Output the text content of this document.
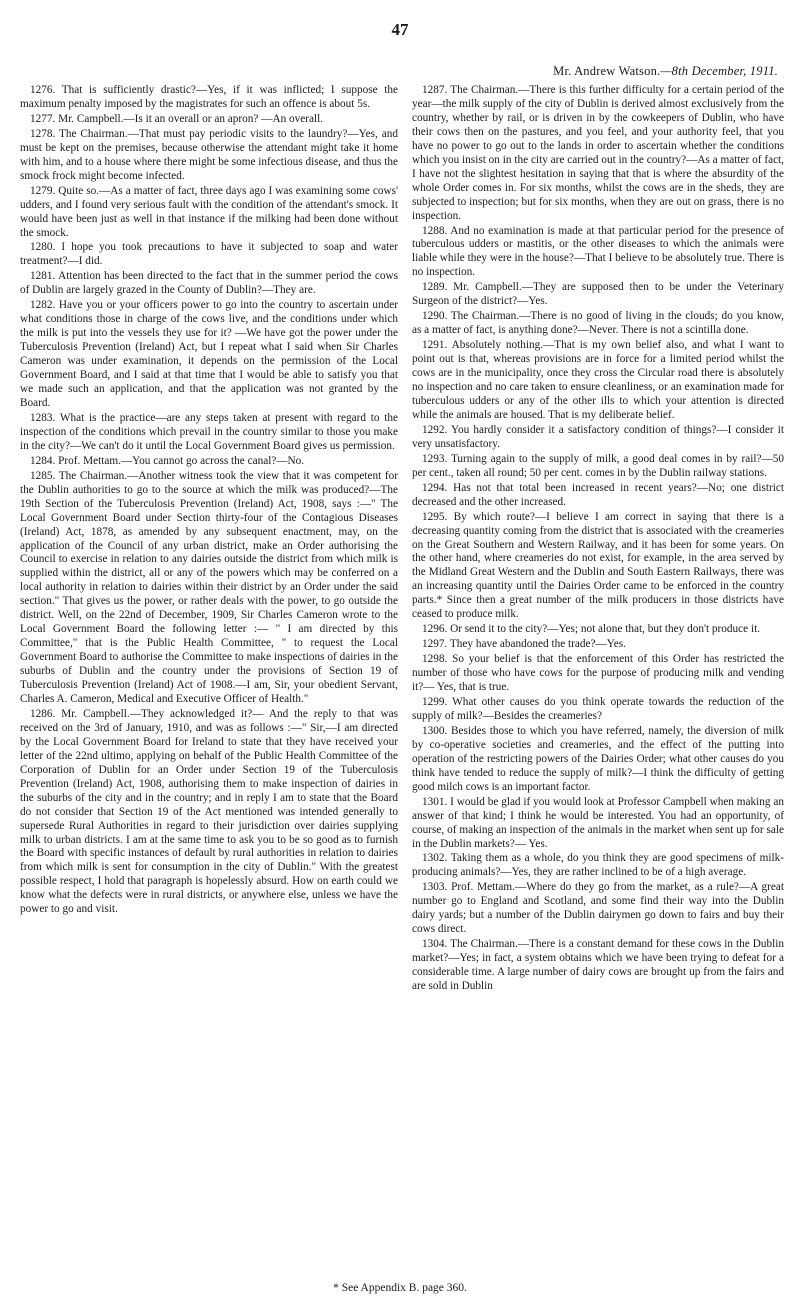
47
Mr. Andrew Watson.—8th December, 1911.

1276. That is sufficiently drastic?—Yes, if it was inflicted; I suppose the maximum penalty imposed by the magistrates for such an offence is about 5s.

1277. Mr. Campbell.—Is it an overall or an apron? —An overall.

1278. The Chairman.—That must pay periodic visits to the laundry?—Yes, and must be kept on the premises, because otherwise the attendant might take it home with him, and to a house where there might be some infectious disease, and thus the smock frock might become infected.

1279. Quite so.—As a matter of fact, three days ago I was examining some cows' udders, and I found very serious fault with the condition of the attendant's smock. It would have been just as well in that instance if the milking had been done without the smock.

1280. I hope you took precautions to have it subjected to soap and water treatment?—I did.

1281. Attention has been directed to the fact that in the summer period the cows of Dublin are largely grazed in the County of Dublin?—They are.

1282. Have you or your officers power to go into the country to ascertain under what conditions those in charge of the cows live, and the conditions under which the milk is put into the vessels they use for it? —We have got the power under the Tuberculosis Prevention (Ireland) Act, but I repeat what I said when Sir Charles Cameron was under examination, it depends on the permission of the Local Government Board, and I said at that time that I would be able to satisfy you that we made such an application, and that the application was not granted by the Board.

1283. What is the practice—are any steps taken at present with regard to the inspection of the conditions which prevail in the country similar to those you make in the city?—We can't do it until the Local Government Board gives us permission.

1284. Prof. Mettam.—You cannot go across the canal?—No.

1285. The Chairman.—Another witness took the view that it was competent for the Dublin authorities to go to the source at which the milk was produced?—The 19th Section of the Tuberculosis Prevention (Ireland) Act, 1908, says :—" The Local Government Board under Section thirty-four of the Contagious Diseases (Ireland) Act, 1878, as amended by any subsequent enactment, may, on the application of the Council of any urban district, make an Order authorising the Council to exercise in relation to any dairies outside the district from which milk is supplied within the district, all or any of the powers which may be conferred on a local authority in relation to dairies within their district by an Order under the said section." That gives us the power, or rather deals with the power, to go outside the district. Well, on the 22nd of December, 1909, Sir Charles Cameron wrote to the Local Government Board the following letter :— " I am directed by this Committee," that is the Public Health Committee, " to request the Local Government Board to authorise the Committee to make inspections of dairies in the suburbs of Dublin and the country under the provisions of Section 19 of Tuberculosis Prevention (Ireland) Act of 1908.—I am, Sir, your obedient Servant, Charles A. Cameron, Medical and Executive Officer of Health."

1286. Mr. Campbell.—They acknowledged it?— And the reply to that was received on the 3rd of January, 1910, and was as follows :—" Sir,—I am directed by the Local Government Board for Ireland to state that they have received your letter of the 22nd ultimo, applying on behalf of the Public Health Committee of the Corporation of Dublin for an Order under Section 19 of the Tuberculosis Prevention (Ireland) Act, 1908, authorising them to make inspection of dairies in the suburbs of the city and in the country; and in reply I am to state that the Board do not consider that Section 19 of the Act mentioned was intended generally to supersede Rural Authorities in regard to their jurisdiction over dairies supplying milk to urban districts. I am at the same time to ask you to be so good as to furnish the Board with specific instances of default by rural authorities in relation to dairies from which milk is sent for consumption in the city of Dublin." With the greatest possible respect, I hold that paragraph is hopelessly absurd. How on earth could we know what the defects were in rural districts, or anywhere else, unless we have the power to go and visit.

1287. The Chairman.—There is this further difficulty for a certain period of the year—the milk supply of the city of Dublin is derived almost exclusively from the country, whether by rail, or is driven in by the cowkeepers of Dublin, who have their cows then on the pastures, and you feel, and your authority feel, that you have no power to go out to the lands in order to ascertain whether the conditions which you insist on in the city are carried out in the country?—As a matter of fact, I have not the slightest hesitation in saying that that is where the absurdity of the whole Order comes in. For six months, whilst the cows are in the sheds, they are subjected to inspection; but for six months, when they are out on grass, there is no inspection.

1288. And no examination is made at that particular period for the presence of tuberculous udders or mastitis, or the other diseases to which the animals were liable while they were in the house?—That I believe to be absolutely true. There is no inspection.

1289. Mr. Campbell.—They are supposed then to be under the Veterinary Surgeon of the district?—Yes.

1290. The Chairman.—There is no good of living in the clouds; do you know, as a matter of fact, is anything done?—Never. There is not a scintilla done.

1291. Absolutely nothing.—That is my own belief also, and what I want to point out is that, whereas provisions are in force for a limited period whilst the cows are in the municipality, once they cross the Circular road there is absolutely no inspection and no care taken to ensure cleanliness, or an examination made for tuberculous udders or any of the other ills to which your attention is directed while the animals are housed. That is my deliberate belief.

1292. You hardly consider it a satisfactory condition of things?—I consider it very unsatisfactory.

1293. Turning again to the supply of milk, a good deal comes in by rail?—50 per cent., taken all round; 50 per cent. comes in by the Dublin railway stations.

1294. Has not that total been increased in recent years?—No; one district decreased and the other increased.

1295. By which route?—I believe I am correct in saying that there is a decreasing quantity coming from the district that is associated with the creameries on the Great Southern and Western Railway, and it has been for some years. On the other hand, where creameries do not exist, for example, in the area served by the Midland Great Western and the Dublin and South Eastern Railways, there was an increasing quantity until the Dairies Order came to be enforced in the country parts.* Since then a great number of the milk producers in those districts have ceased to produce milk.

1296. Or send it to the city?—Yes; not alone that, but they don't produce it.

1297. They have abandoned the trade?—Yes.

1298. So your belief is that the enforcement of this Order has restricted the number of those who have cows for the purpose of producing milk and vending it?— Yes, that is true.

1299. What other causes do you think operate towards the reduction of the supply of milk?—Besides the creameries?

1300. Besides those to which you have referred, namely, the diversion of milk by co-operative societies and creameries, and the effect of the putting into operation of the restricting powers of the Dairies Order; what other causes do you think have tended to reduce the supply of milk?—I think the difficulty of getting good milch cows is an important factor.

1301. I would be glad if you would look at Professor Campbell when making an answer of that kind; I think he would be interested. You had an opportunity, of course, of making an inspection of the animals in the market when sent up for sale in the Dublin markets?— Yes.

1302. Taking them as a whole, do you think they are good specimens of milk-producing animals?—Yes, they are rather inclined to be of a high average.

1303. Prof. Mettam.—Where do they go from the market, as a rule?—A great number go to England and Scotland, and some find their way into the Dublin dairy yards; but a number of the Dublin dairymen go down to fairs and buy their cows direct.

1304. The Chairman.—There is a constant demand for these cows in the Dublin market?—Yes; in fact, a system obtains which we have been trying to defeat for a considerable time. A large number of dairy cows are brought up from the fairs and are sold in Dublin

* See Appendix B. page 360.
